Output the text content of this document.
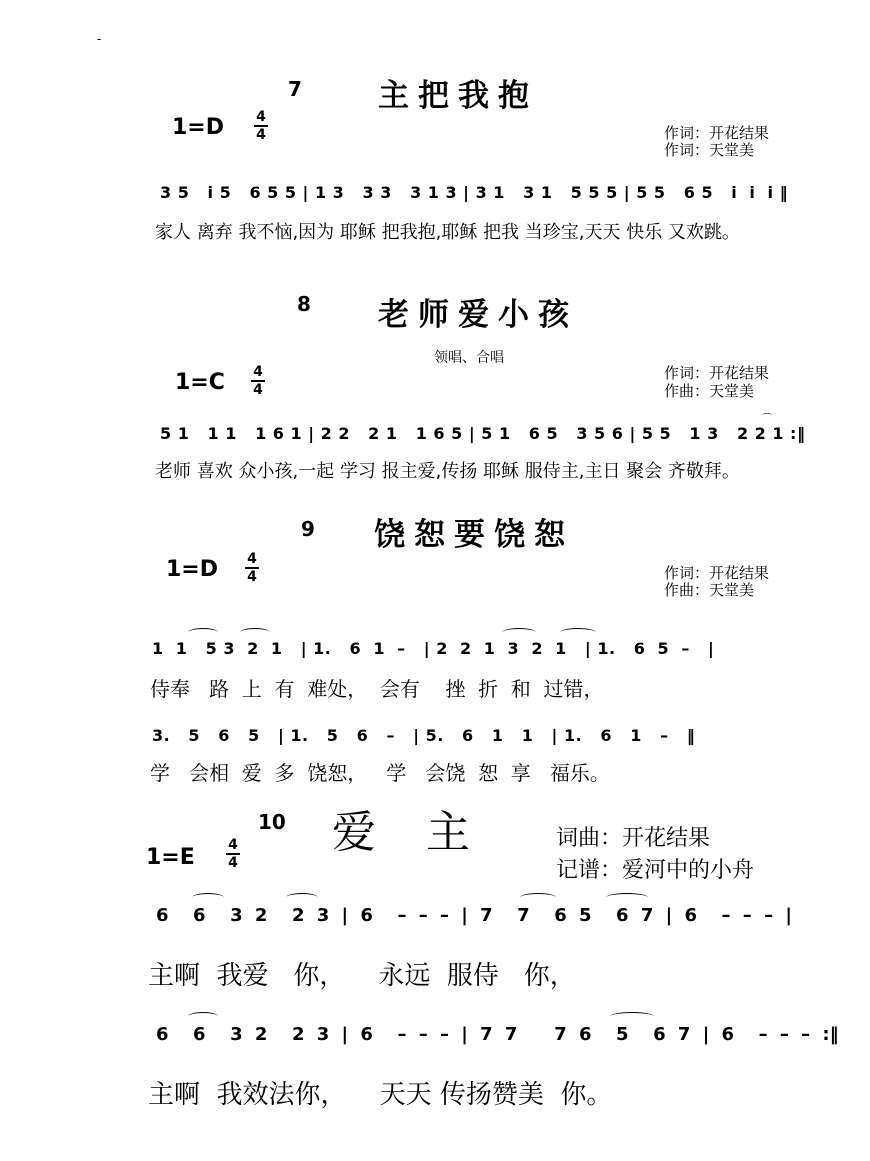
-
7 主把我抱
1=D 4
4	作词：开花结果
作词：天堂美
3 5   i 5   6 5 5 | 1 3   3 3   3 1 3 | 3 1   3 1   5 5 5 | 5 5   6 5   i  i  i ‖
家人 离弃 我不恼,因为 耶稣 把我抱,耶稣 把我 当珍宝,天天 快乐 又欢跳。
8 老师爱小孩
领唱、合唱
1=C 4
4
作词：开花结果
作曲：天堂美
⌒
5 1   1 1   1 6 1 | 2 2   2 1   1 6 5 | 5 1   6 5   3 5 6 | 5 5   1 3   2 2 1 :‖
老师 喜欢 众小孩,一起 学习 报主爱,传扬 耶稣 服侍主,主日 聚会 齐敬拜。
9 饶恕要饶恕
1=D 4
4	作词：开花结果
作曲：天堂美
1  1   5 3  2  1   | 1.   6  1  –   | 2  2  1  3  2  1   | 1.   6  5  –   |
侍奉   路  上  有  难处，  会有    挫  折  和  过错，
3.   5   6   5   | 1.   5   6   –   | 5.   6   1   1   | 1.   6   1   –   ‖
学   会相  爱  多  饶恕，   学   会饶  恕  享   福乐。
10 爱   主
1=E 4
4
词曲：开花结果
记谱：爱河中的小舟
6  6  3 2  2 3 | 6  – – – | 7  7  6 5  6 7 | 6  – – – |
主啊  我爱   你，    永远  服侍   你，
6  6  3 2  2 3 | 6  – – – | 7 7   7 6  5  6 7 | 6  – – – :‖
主啊  我效法你，    天天 传扬赞美  你。
